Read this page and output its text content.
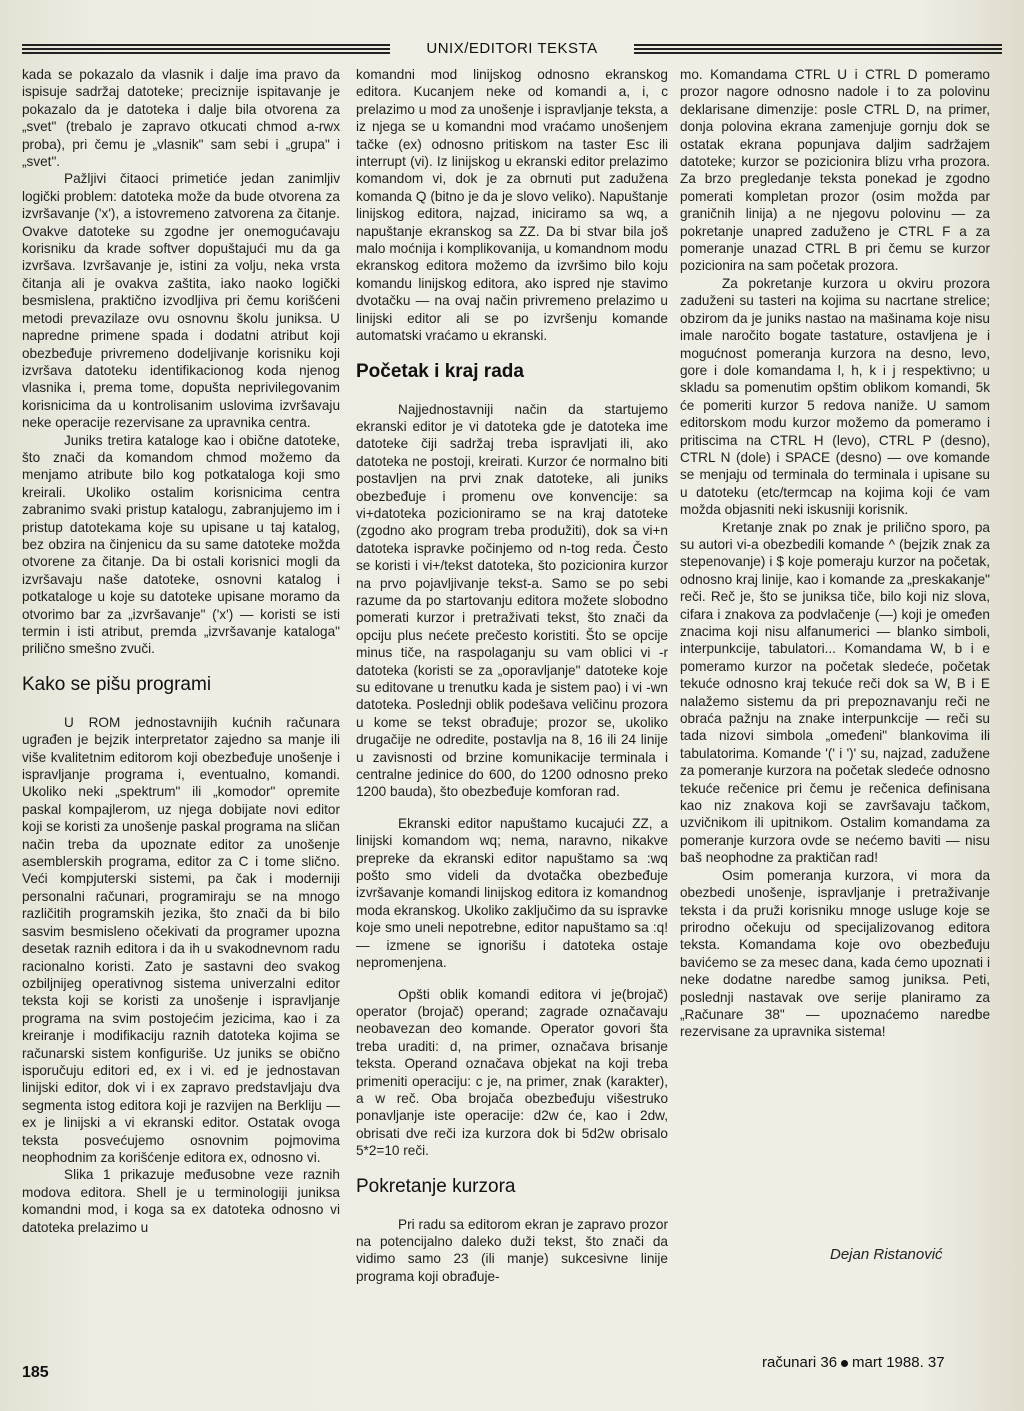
UNIX/EDITORI TEKSTA

kada se pokazalo da vlasnik i dalje ima pravo da ispisuje sadržaj datoteke; preciznije ispitavanje je pokazalo da je datoteka i dalje bila otvorena za „svet" (trebalo je zapravo otkucati chmod a-rwx proba), pri čemu je „vlasnik" sam sebi i „grupa" i „svet".

Pažljivi čitaoci primetiće jedan zanimljiv logički problem: datoteka može da bude otvorena za izvršavanje ('x'), a istovremeno zatvorena za čitanje. Ovakve datoteke su zgodne jer onemogućavaju korisniku da krade softver dopuštajući mu da ga izvršava. Izvršavanje je, istini za volju, neka vrsta čitanja ali je ovakva zaštita, iako naoko logički besmislena, praktično izvodljiva pri čemu korišćeni metodi prevazilaze ovu osnovnu školu juniksa. U napredne primene spada i dodatni atribut koji obezbeđuje privremeno dodeljivanje korisniku koji izvršava datoteku identifikacionog koda njenog vlasnika i, prema tome, dopušta neprivilegovanim korisnicima da u kontrolisanim uslovima izvršavaju neke operacije rezervisane za upravnika centra.

Juniks tretira kataloge kao i obične datoteke, što znači da komandom chmod možemo da menjamo atribute bilo kog potkataloga koji smo kreirali. Ukoliko ostalim korisnicima centra zabranimo svaki pristup katalogu, zabranjujemo im i pristup datotekama koje su upisane u taj katalog, bez obzira na činjenicu da su same datoteke možda otvorene za čitanje. Da bi ostali korisnici mogli da izvršavaju naše datoteke, osnovni katalog i potkataloge u koje su datoteke upisane moramo da otvorimo bar za „izvršavanje" ('x') — koristi se isti termin i isti atribut, premda „izvršavanje kataloga" prilično smešno zvuči.

Kako se pišu programi

U ROM jednostavnijih kućnih računara ugrađen je bejzik interpretator zajedno sa manje ili više kvalitetnim editorom koji obezbeđuje unošenje i ispravljanje programa i, eventualno, komandi. Ukoliko neki „spektrum" ili „komodor" opremite paskal kompajlerom, uz njega dobijate novi editor koji se koristi za unošenje paskal programa na sličan način treba da upoznate editor za unošenje asemblerskih programa, editor za C i tome slično. Veći kompjuterski sistemi, pa čak i moderniji personalni računari, programiraju se na mnogo različitih programskih jezika, što znači da bi bilo sasvim besmisleno očekivati da programer upozna desetak raznih editora i da ih u svakodnevnom radu racionalno koristi. Zato je sastavni deo svakog ozbiljnijeg operativnog sistema univerzalni editor teksta koji se koristi za unošenje i ispravljanje programa na svim postojećim jezicima, kao i za kreiranje i modifikaciju raznih datoteka kojima se računarski sistem konfiguriše. Uz juniks se obično isporučuju editori ed, ex i vi. ed je jednostavan linijski editor, dok vi i ex zapravo predstavljaju dva segmenta istog editora koji je razvijen na Berkliju — ex je linijski a vi ekranski editor. Ostatak ovoga teksta posvećujemo osnovnim pojmovima neophodnim za korišćenje editora ex, odnosno vi.

Slika 1 prikazuje međusobne veze raznih modova editora. Shell je u terminologiji juniksa komandni mod, i koga sa ex datoteka odnosno vi datoteka prelazimo u

komandni mod linijskog odnosno ekranskog editora. Kucanjem neke od komandi a, i, c prelazimo u mod za unošenje i ispravljanje teksta, a iz njega se u komandni mod vraćamo unošenjem tačke (ex) odnosno pritiskom na taster Esc ili interrupt (vi). Iz linijskog u ekranski editor prelazimo komandom vi, dok je za obrnuti put zadužena komanda Q (bitno je da je slovo veliko). Napuštanje linijskog editora, najzad, iniciramo sa wq, a napuštanje ekranskog sa ZZ. Da bi stvar bila još malo moćnija i komplikovanija, u komandnom modu ekranskog editora možemo da izvršimo bilo koju komandu linijskog editora, ako ispred nje stavimo dvotačku — na ovaj način privremeno prelazimo u linijski editor ali se po izvršenju komande automatski vraćamo u ekranski.

Početak i kraj rada

Najjednostavniji način da startujemo ekranski editor je vi datoteka gde je datoteka ime datoteke čiji sadržaj treba ispravljati ili, ako datoteka ne postoji, kreirati. Kurzor će normalno biti postavljen na prvi znak datoteke, ali juniks obezbeđuje i promenu ove konvencije: sa vi+datoteka pozicioniramo se na kraj datoteke (zgodno ako program treba produžiti), dok sa vi+n datoteka ispravke počinjemo od n-tog reda. Često se koristi i vi+/tekst datoteka, što pozicionira kurzor na prvo pojavljivanje tekst-a. Samo se po sebi razume da po startovanju editora možete slobodno pomerati kurzor i pretraživati tekst, što znači da opciju plus nećete prečesto koristiti. Što se opcije minus tiče, na raspolaganju su vam oblici vi -r datoteka (koristi se za „oporavljanje" datoteke koje su editovane u trenutku kada je sistem pao) i vi -wn datoteka. Poslednji oblik podešava veličinu prozora u kome se tekst obrađuje; prozor se, ukoliko drugačije ne odredite, postavlja na 8, 16 ili 24 linije u zavisnosti od brzine komunikacije terminala i centralne jedinice do 600, do 1200 odnosno preko 1200 bauda), što obezbeđuje komforan rad.

Ekranski editor napuštamo kucajući ZZ, a linijski komandom wq; nema, naravno, nikakve prepreke da ekranski editor napuštamo sa :wq pošto smo videli da dvotačka obezbeđuje izvršavanje komandi linijskog editora iz komandnog moda ekranskog. Ukoliko zaključimo da su ispravke koje smo uneli nepotrebne, editor napuštamo sa :q! — izmene se ignorišu i datoteka ostaje nepromenjena.

Opšti oblik komandi editora vi je(brojač) operator (brojač) operand; zagrade označavaju neobavezan deo komande. Operator govori šta treba uraditi: d, na primer, označava brisanje teksta. Operand označava objekat na koji treba primeniti operaciju: c je, na primer, znak (karakter), a w reč. Oba brojača obezbeđuju višestruko ponavljanje iste operacije: d2w će, kao i 2dw, obrisati dve reči iza kurzora dok bi 5d2w obrisalo 5*2=10 reči.

Pokretanje kurzora

Pri radu sa editorom ekran je zapravo prozor na potencijalno daleko duži tekst, što znači da vidimo samo 23 (ili manje) sukcesivne linije programa koji obrađuje-

mo. Komandama CTRL U i CTRL D pomeramo prozor nagore odnosno nadole i to za polovinu deklarisane dimenzije: posle CTRL D, na primer, donja polovina ekrana zamenjuje gornju dok se ostatak ekrana popunjava daljim sadržajem datoteke; kurzor se pozicionira blizu vrha prozora. Za brzo pregledanje teksta ponekad je zgodno pomerati kompletan prozor (osim možda par graničnih linija) a ne njegovu polovinu — za pokretanje unapred zaduženo je CTRL F a za pomeranje unazad CTRL B pri čemu se kurzor pozicionira na sam početak prozora.

Za pokretanje kurzora u okviru prozora zaduženi su tasteri na kojima su nacrtane strelice; obzirom da je juniks nastao na mašinama koje nisu imale naročito bogate tastature, ostavljena je i mogućnost pomeranja kurzora na desno, levo, gore i dole komandama l, h, k i j respektivno; u skladu sa pomenutim opštim oblikom komandi, 5k će pomeriti kurzor 5 redova naniže. U samom editorskom modu kurzor možemo da pomeramo i pritiscima na CTRL H (levo), CTRL P (desno), CTRL N (dole) i SPACE (desno) — ove komande se menjaju od terminala do terminala i upisane su u datoteku (etc/termcap na kojima koji će vam možda objasniti neki iskusniji korisnik.

Kretanje znak po znak je prilično sporo, pa su autori vi-a obezbedili komande ^ (bejzik znak za stepenovanje) i $ koje pomeraju kurzor na početak, odnosno kraj linije, kao i komande za „preskakanje" reči. Reč je, što se juniksa tiče, bilo koji niz slova, cifara i znakova za podvlačenje (—) koji je omeđen znacima koji nisu alfanumerici — blanko simboli, interpunkcije, tabulatori... Komandama W, b i e pomeramo kurzor na početak sledeće, početak tekuće odnosno kraj tekuće reči dok sa W, B i E nalažemo sistemu da pri prepoznavanju reči ne obraća pažnju na znake interpunkcije — reči su tada nizovi simbola „omeđeni" blankovima ili tabulatorima. Komande '(' i ')' su, najzad, zadužene za pomeranje kurzora na početak sledeće odnosno tekuće rečenice pri čemu je rečenica definisana kao niz znakova koji se završavaju tačkom, uzvičnikom ili upitnikom. Ostalim komandama za pomeranje kurzora ovde se nećemo baviti — nisu baš neophodne za praktičan rad!

Osim pomeranja kurzora, vi mora da obezbedi unošenje, ispravljanje i pretraživanje teksta i da pruži korisniku mnoge usluge koje se prirodno očekuju od specijalizovanog editora teksta. Komandama koje ovo obezbeđuju bavićemo se za mesec dana, kada ćemo upoznati i neke dodatne naredbe samog juniksa. Peti, poslednji nastavak ove serije planiramo za „Računare 38" — upoznaćemo naredbe rezervisane za upravnika sistema!

Dejan Ristanović
185
računari 36 mart 1988. 37
